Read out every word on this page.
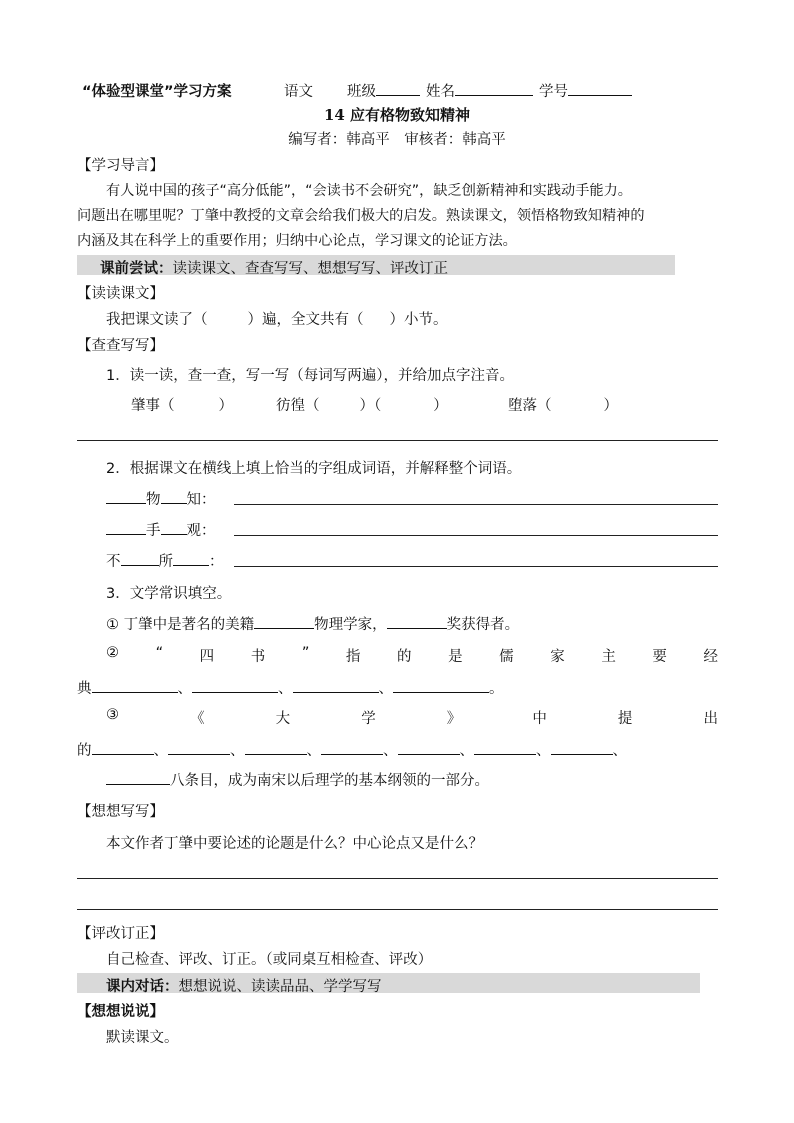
“体验型课堂”学习方案	语文 班级	姓名	学号
14 应有格物致知精神
编写者：韩高平　审核者：韩高平
【学习导言】
有人说中国的孩子“高分低能”，“会读书不会研究”，缺乏创新精神和实践动手能力。
问题出在哪里呢？丁肇中教授的文章会给我们极大的启发。熟读课文，领悟格物致知精神的
内涵及其在科学上的重要作用；归纳中心论点，学习课文的论证方法。
课前尝试：读读课文、查查写写、想想写写、评改订正
【读读课文】
我把课文读了（	）遍，全文共有（ ）小节。
【查查写写】
1．读一读，查一查，写一写（每词写两遍），并给加点字注音。
肇事（	）	彷徨（	）（	）	堕落（	）
2．根据课文在横线上填上恰当的字组成词语，并解释整个词语。
物 知：
手 观：
不	所 ：
3．文学常识填空。
① 丁肇中是著名的美籍	物理学家，	奖获得者。
②	“	四	书	”	指	的	是	儒	家	主	要	经
典	、	、	、	。
③	《	大	学	》	中	提	出
的	、	、	、	、	、	、	、
八条目，成为南宋以后理学的基本纲领的一部分。
【想想写写】
本文作者丁肇中要论述的论题是什么？中心论点又是什么？
【评改订正】
自己检查、评改、订正。（或同桌互相检查、评改）
课内对话：想想说说、读读品品、学学写写
【想想说说】
默读课文。
